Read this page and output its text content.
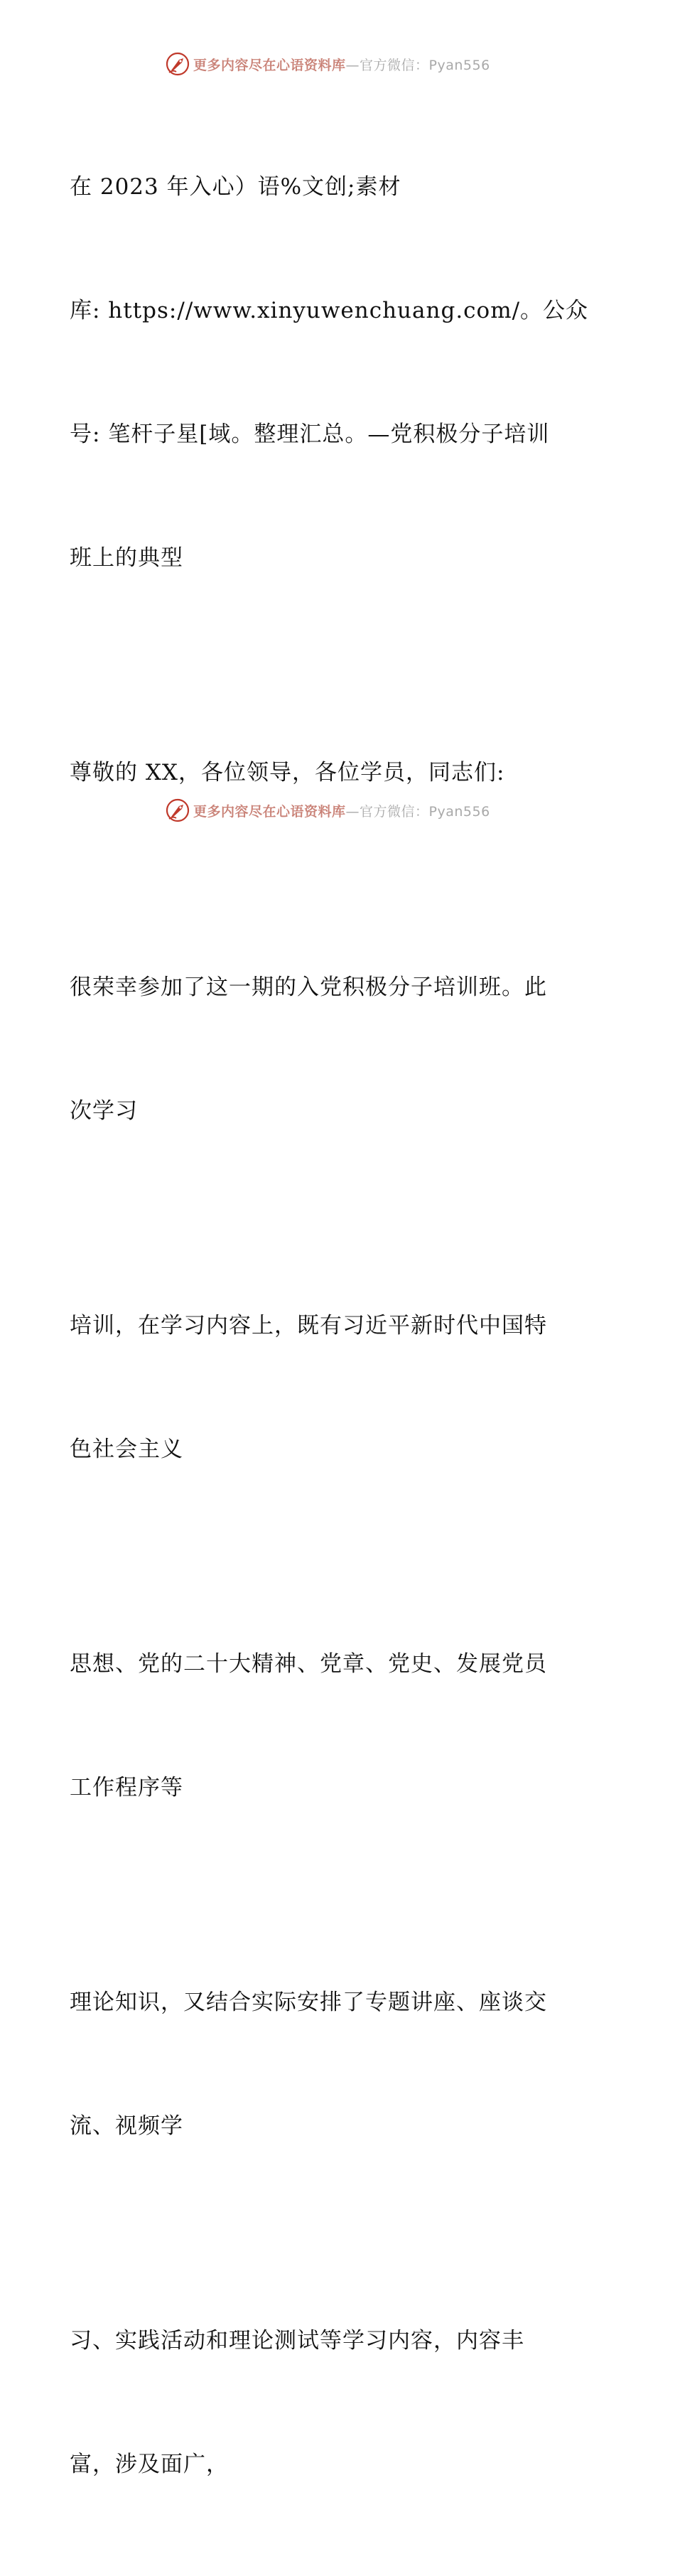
更多内容尽在心语资料库—官方微信：Pyan556

在 2023 年入心）语%文创;素材

库: https://www.xinyuwenchuang.com/。公众

号: 笔杆子星[域。整理汇总。—党积极分子培训

班上的典型

尊敬的 XX，各位领导，各位学员，同志们:

很荣幸参加了这一期的入党积极分子培训班。此

次学习

培训，在学习内容上，既有习近平新时代中国特

色社会主义

思想、党的二十大精神、党章、党史、发展党员

工作程序等

理论知识，又结合实际安排了专题讲座、座谈交

流、视频学

习、实践活动和理论测试等学习内容，内容丰

富，涉及面广，

更多内容尽在心语资料库—官方微信：Pyan556
